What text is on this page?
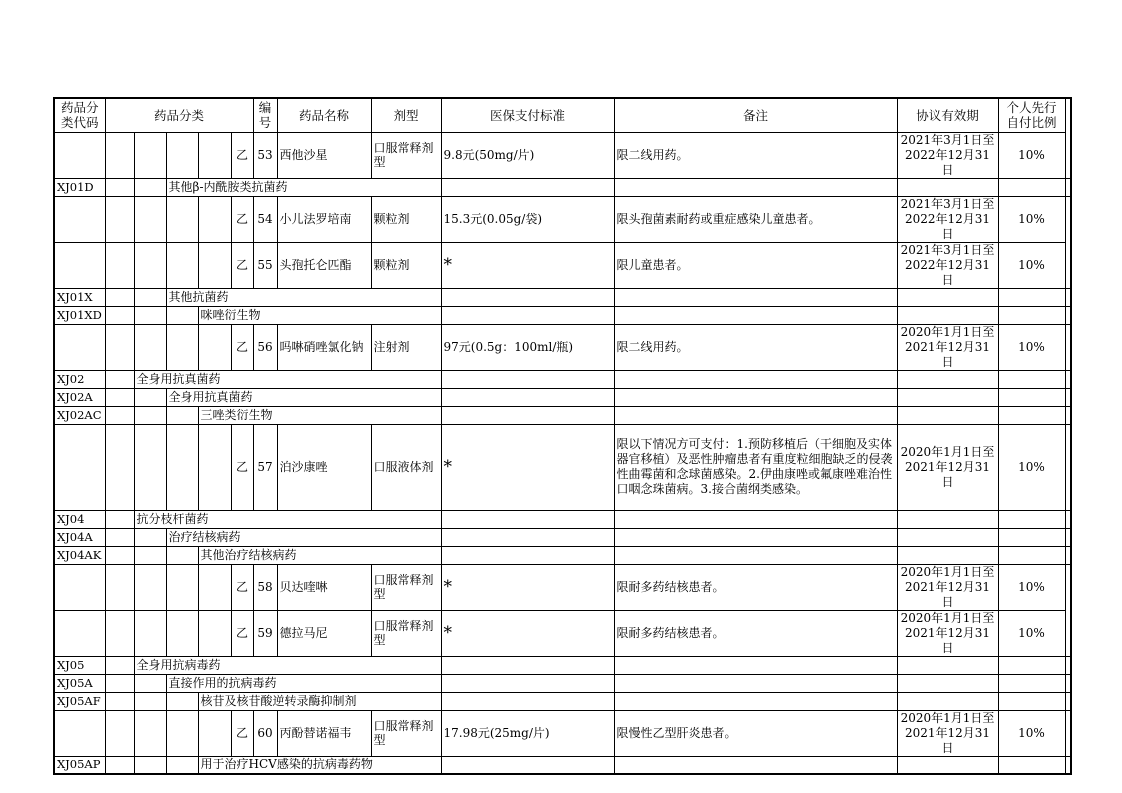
药品分类代码	药品分类					编号	药品名称	剂型	医保支付标准	备注	协议有效期	个人先行自付比例	
					乙	53	西他沙星	口服常释剂型	9.8元(50mg/片)	限二线用药。	2021年3月1日至2022年12月31日	10%	
XJ01D			其他β-内酰胺类抗菌药										
					乙	54	小儿法罗培南	颗粒剂	15.3元(0.05g/袋)	限头孢菌素耐药或重症感染儿童患者。	2021年3月1日至2022年12月31日	10%	
					乙	55	头孢托仑匹酯	颗粒剂	*	限儿童患者。	2021年3月1日至2022年12月31日	10%	
XJ01X			其他抗菌药										
XJ01XD				咪唑衍生物									
					乙	56	吗啉硝唑氯化钠	注射剂	97元(0.5g：100ml/瓶)	限二线用药。	2020年1月1日至2021年12月31日	10%	
XJ02		全身用抗真菌药											
XJ02A			全身用抗真菌药										
XJ02AC				三唑类衍生物									
					乙	57	泊沙康唑	口服液体剂	*	限以下情况方可支付：1.预防移植后（干细胞及实体器官移植）及恶性肿瘤患者有重度粒细胞缺乏的侵袭性曲霉菌和念球菌感染。2.伊曲康唑或氟康唑难治性口咽念珠菌病。3.接合菌纲类感染。	2020年1月1日至2021年12月31日	10%	
XJ04		抗分枝杆菌药											
XJ04A			治疗结核病药										
XJ04AK				其他治疗结核病药									
					乙	58	贝达喹啉	口服常释剂型	*	限耐多药结核患者。	2020年1月1日至2021年12月31日	10%	
					乙	59	德拉马尼	口服常释剂型	*	限耐多药结核患者。	2020年1月1日至2021年12月31日	10%	
XJ05		全身用抗病毒药											
XJ05A			直接作用的抗病毒药										
XJ05AF				核苷及核苷酸逆转录酶抑制剂									
					乙	60	丙酚替诺福韦	口服常释剂型	17.98元(25mg/片)	限慢性乙型肝炎患者。	2020年1月1日至2021年12月31日	10%	
XJ05AP				用于治疗HCV感染的抗病毒药物									
